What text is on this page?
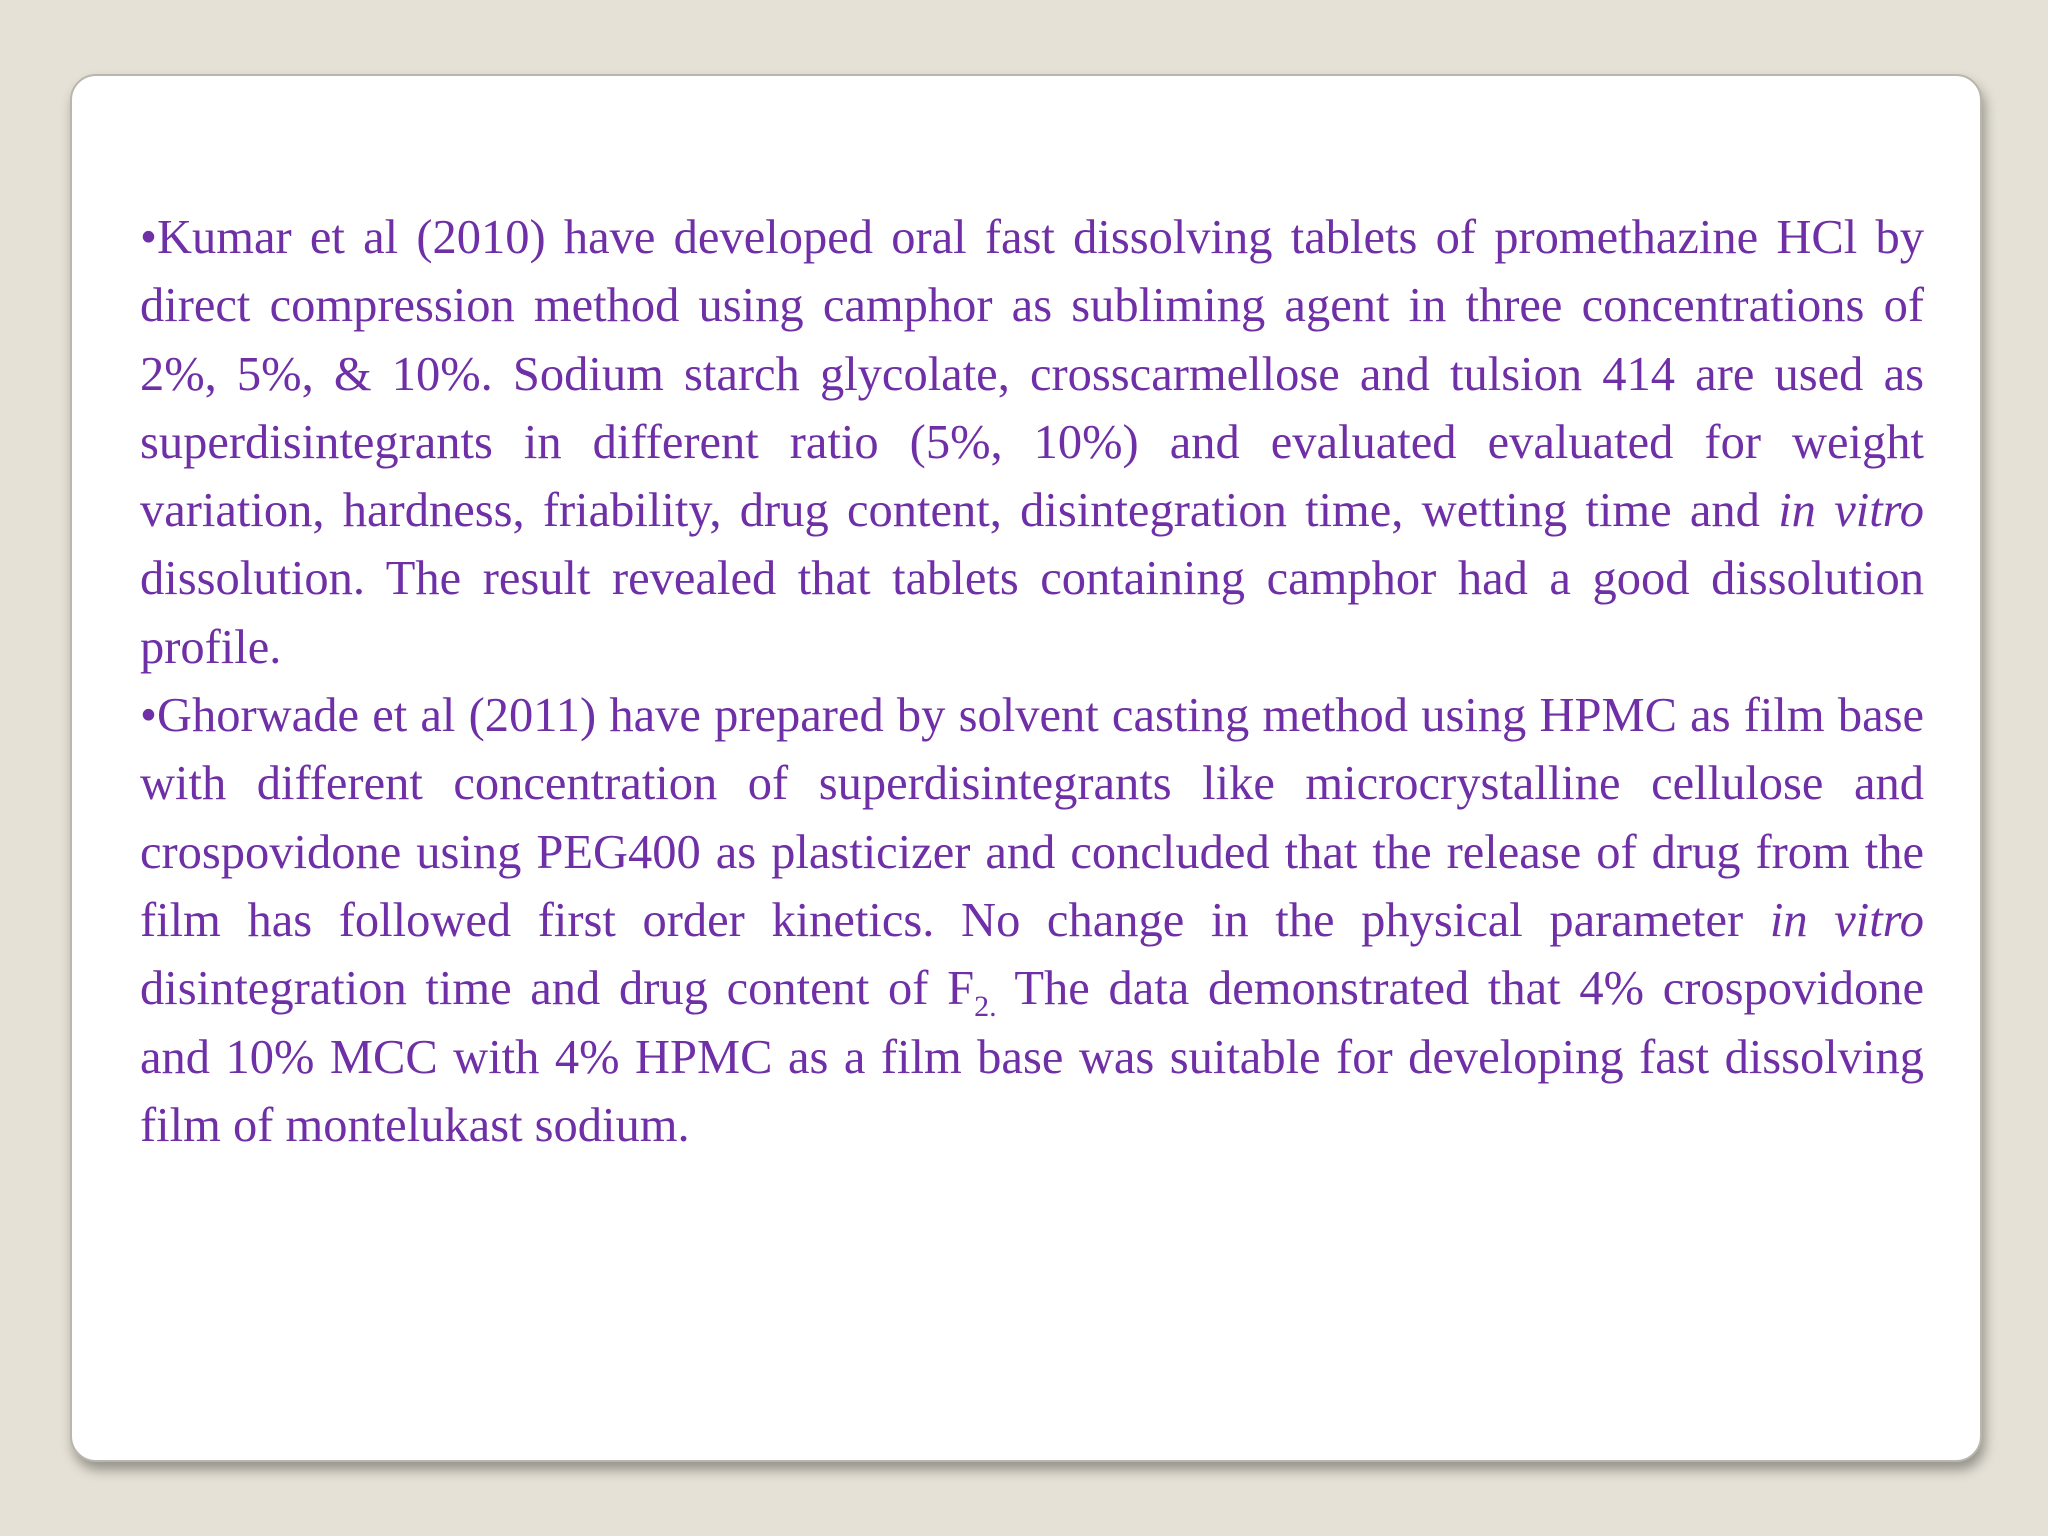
•Kumar et al (2010) have developed oral fast dissolving tablets of promethazine HCl by direct compression method using camphor as subliming agent in three concentrations of 2%, 5%, & 10%. Sodium starch glycolate, crosscarmellose and tulsion 414 are used as superdisintegrants in different ratio (5%, 10%) and evaluated evaluated for weight variation, hardness, friability, drug content, disintegration time, wetting time and in vitro dissolution. The result revealed that tablets containing camphor had a good dissolution profile.

•Ghorwade et al (2011) have prepared by solvent casting method using HPMC as film base with different concentration of superdisintegrants like microcrystalline cellulose and crospovidone using PEG400 as plasticizer and concluded that the release of drug from the film has followed first order kinetics. No change in the physical parameter in vitro disintegration time and drug content of $F_{2.}$ The data demonstrated that 4% crospovidone and 10% MCC with 4% HPMC as a film base was suitable for developing fast dissolving film of montelukast sodium.
